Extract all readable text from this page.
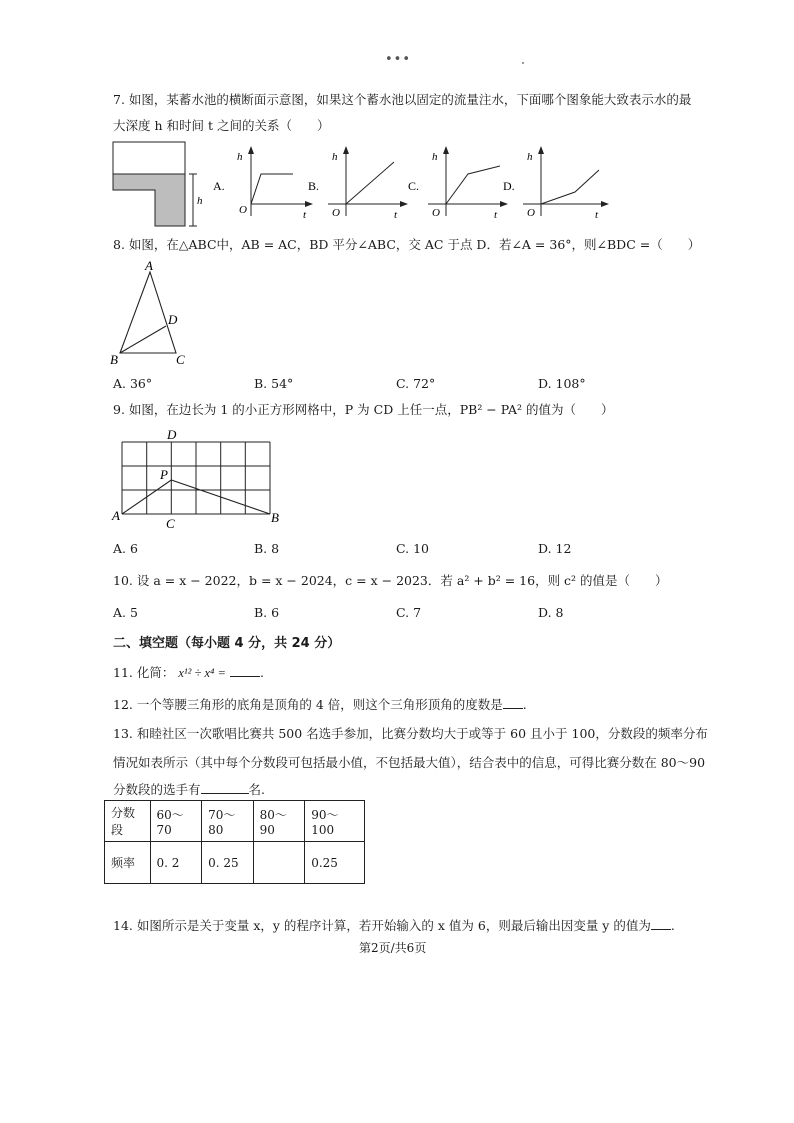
•••
7. 如图，某蓄水池的横断面示意图，如果这个蓄水池以固定的流量注水，下面哪个图象能大致表示水的最
大深度 h 和时间 t 之间的关系（　　）
h
A.
h
t
O
B.
h
t
O
C.
h
t
O
D.
h
t
O
8. 如图，在△ABC中，AB = AC，BD 平分∠ABC，交 AC 于点 D．若∠A = 36°，则∠BDC =（　　）
A
B	C
D
A. 36°	B. 54°	C. 72°	D. 108°
9. 如图，在边长为 1 的小正方形网格中，P 为 CD 上任一点，PB² − PA² 的值为（　　）
D
P
A
C	B
A. 6	B. 8	C. 10	D. 12
10. 设 a = x − 2022，b = x − 2024，c = x − 2023．若 a² + b² = 16，则 c² 的值是（　　）
A. 5	B. 6	C. 7	D. 8
二、填空题（每小题 4 分，共 24 分）
11. 化简： x¹² ÷ x⁴ =	.
12. 一个等腰三角形的底角是顶角的 4 倍，则这个三角形顶角的度数是 .
13. 和睦社区一次歌唱比赛共 500 名选手参加，比赛分数均大于或等于 60 且小于 100，分数段的频率分布
情况如表所示（其中每个分数段可包括最小值，不包括最大值），结合表中的信息，可得比赛分数在 80～90
分数段的选手有	名.
分数段	60～70	70～80	80～90	90～100
频率	0. 2	0. 25		0.25
14. 如图所示是关于变量 x，y 的程序计算，若开始输入的 x 值为 6，则最后输出因变量 y 的值为 .
第2页/共6页
